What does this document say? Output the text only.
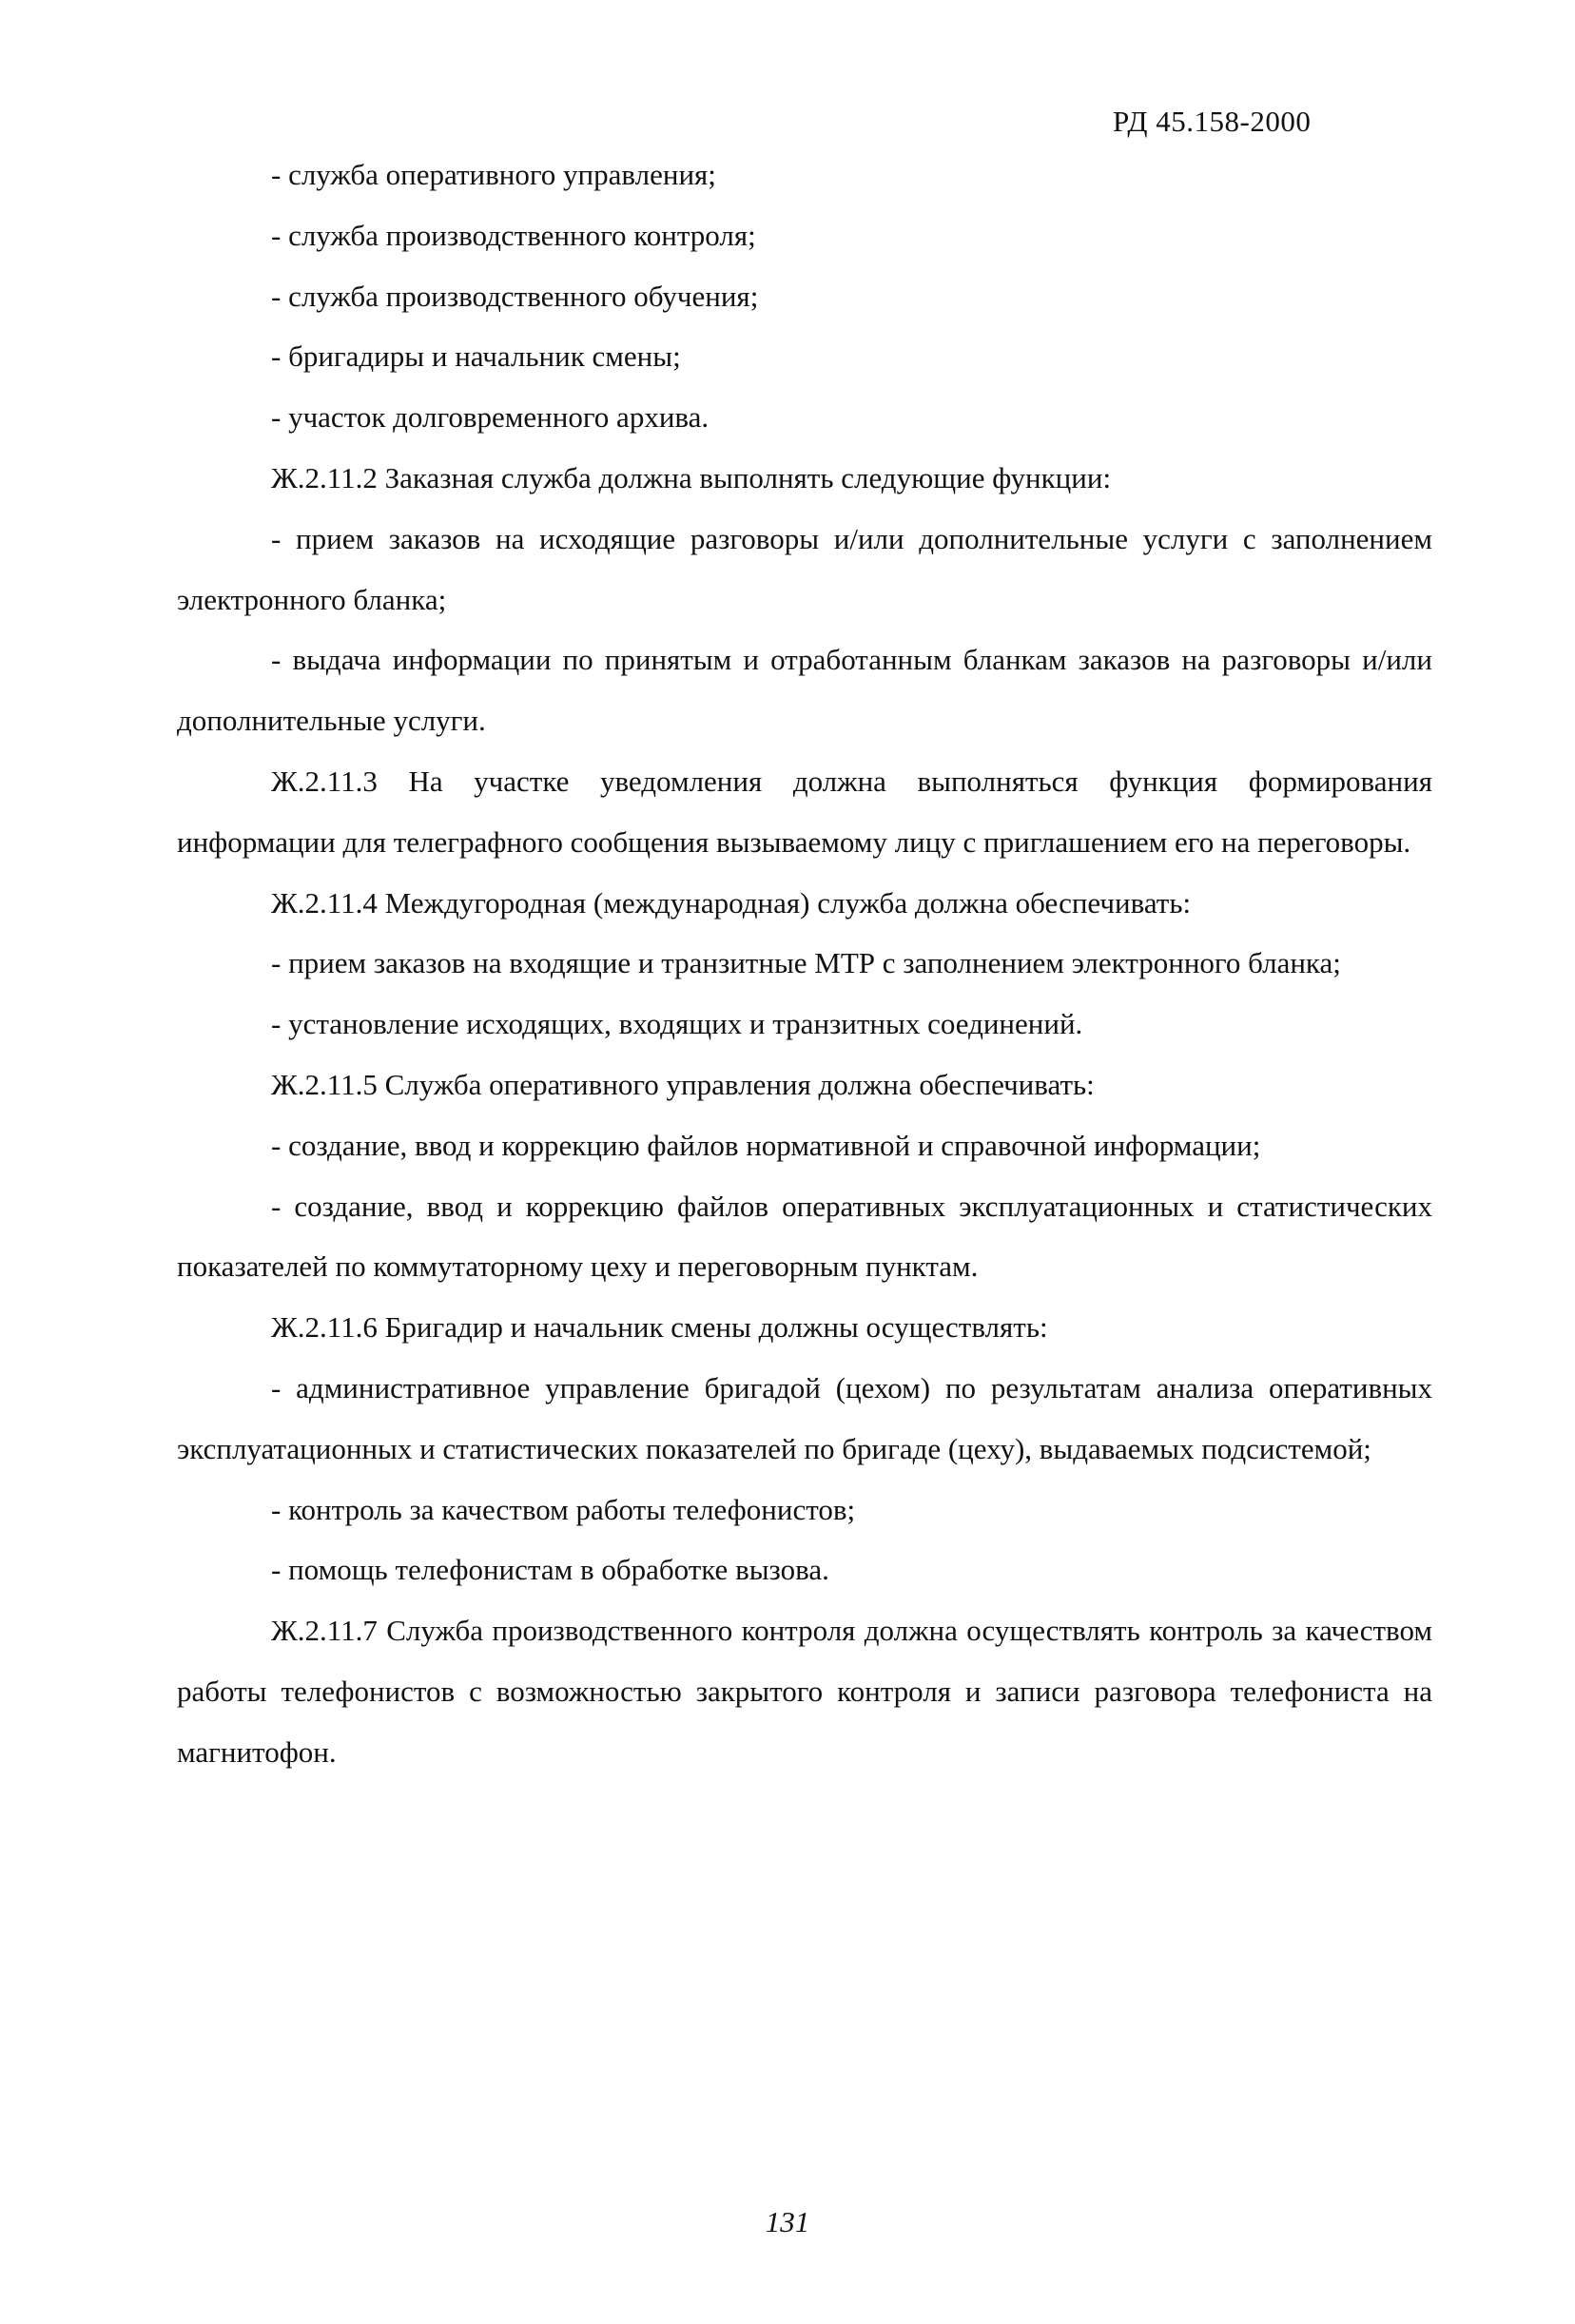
РД 45.158-2000

- служба оперативного управления;

- служба производственного контроля;

- служба производственного обучения;

- бригадиры и начальник смены;

- участок долговременного архива.

Ж.2.11.2 Заказная служба должна выполнять следующие функции:

- прием заказов на исходящие разговоры и/или дополнительные услуги с заполнением электронного бланка;

- выдача информации по принятым и отработанным бланкам заказов на разговоры и/или дополнительные услуги.

Ж.2.11.3 На участке уведомления должна выполняться функция формирования информации для телеграфного сообщения вызываемому лицу с приглашением его на переговоры.

Ж.2.11.4 Междугородная (международная) служба должна обеспечивать:

- прием заказов на входящие и транзитные МТР с заполнением электронного бланка;

- установление исходящих, входящих и транзитных соединений.

Ж.2.11.5 Служба оперативного управления должна обеспечивать:

- создание, ввод и коррекцию файлов нормативной и справочной информации;

- создание, ввод и коррекцию файлов оперативных эксплуатационных и статистических показателей по коммутаторному цеху и переговорным пунктам.

Ж.2.11.6 Бригадир и начальник смены должны осуществлять:

- административное управление бригадой (цехом) по результатам анализа оперативных эксплуатационных и статистических показателей по бригаде (цеху), выдаваемых подсистемой;

- контроль за качеством работы телефонистов;

- помощь телефонистам в обработке вызова.

Ж.2.11.7 Служба производственного контроля должна осуществлять контроль за качеством работы телефонистов с возможностью закрытого контроля и записи разговора телефониста на магнитофон.

131
